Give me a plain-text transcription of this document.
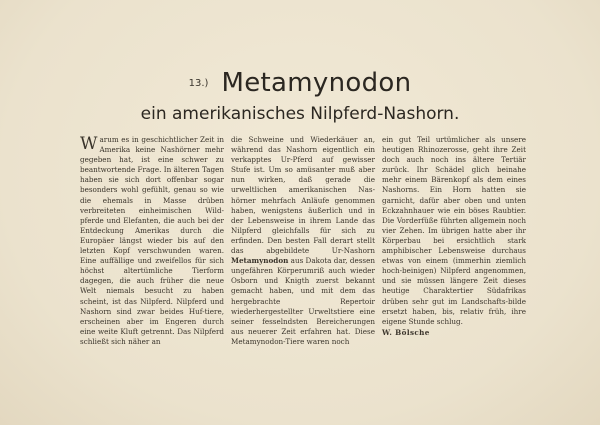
13.) Metamynodon
ein amerikanisches Nilpferd-Nashorn.

Warum es in geschichtlicher Zeit in Amerika keine Nashörner mehr gegeben hat, ist eine schwer zu beantwortende Frage. In älteren Tagen haben sie sich dort offenbar sogar besonders wohl gefühlt, genau so wie die ehemals in Masse drüben verbreiteten einheimischen Wild-pferde und Elefanten, die auch bei der Entdeckung Amerikas durch die Europäer längst wieder bis auf den letzten Kopf verschwunden waren. Eine auffällige und zweifellos für sich höchst altertümliche Tierform dagegen, die auch früher die neue Welt niemals besucht zu haben scheint, ist das Nilpferd. Nilpferd und Nashorn sind zwar beides Huf-tiere, erscheinen aber im Engeren durch eine weite Kluft getrennt. Das Nilpferd schließt sich näher an

die Schweine und Wiederkäuer an, während das Nashorn eigentlich ein verkapptes Ur-Pferd auf gewisser Stufe ist. Um so amüsanter muß aber nun wirken, daß gerade die urweltlichen amerikanischen Nas-hörner mehrfach Anläufe genommen haben, wenigstens äußerlich und in der Lebensweise in ihrem Lande das Nilpferd gleichfalls für sich zu erfinden. Den besten Fall derart stellt das abgebildete Ur-Nashorn Metamynodon aus Dakota dar, dessen ungefähren Körperumriß auch wieder Osborn und Knigth zuerst bekannt gemacht haben, und mit dem das hergebrachte Repertoir wiederhergestellter Urweltstiere eine seiner fesselndsten Bereicherungen aus neuerer Zeit erfahren hat. Diese Metamynodon-Tiere waren noch

ein gut Teil urtümlicher als unsere heutigen Rhinozerosse, geht ihre Zeit doch auch noch ins ältere Tertiär zurück. Ihr Schädel glich beinahe mehr einem Bärenkopf als dem eines Nashorns. Ein Horn hatten sie garnicht, dafür aber oben und unten Eckzahnhauer wie ein böses Raubtier. Die Vorderfüße führten allgemein noch vier Zehen. Im übrigen hatte aber ihr Körperbau bei ersichtlich stark amphibischer Lebensweise durchaus etwas von einem (immerhin ziemlich hoch-beinigen) Nilpferd angenommen, und sie müssen längere Zeit dieses heutige Charaktertier Südafrikas drüben sehr gut im Landschafts-bilde ersetzt haben, bis, relativ früh, ihre eigene Stunde schlug.

W. Bölsche
